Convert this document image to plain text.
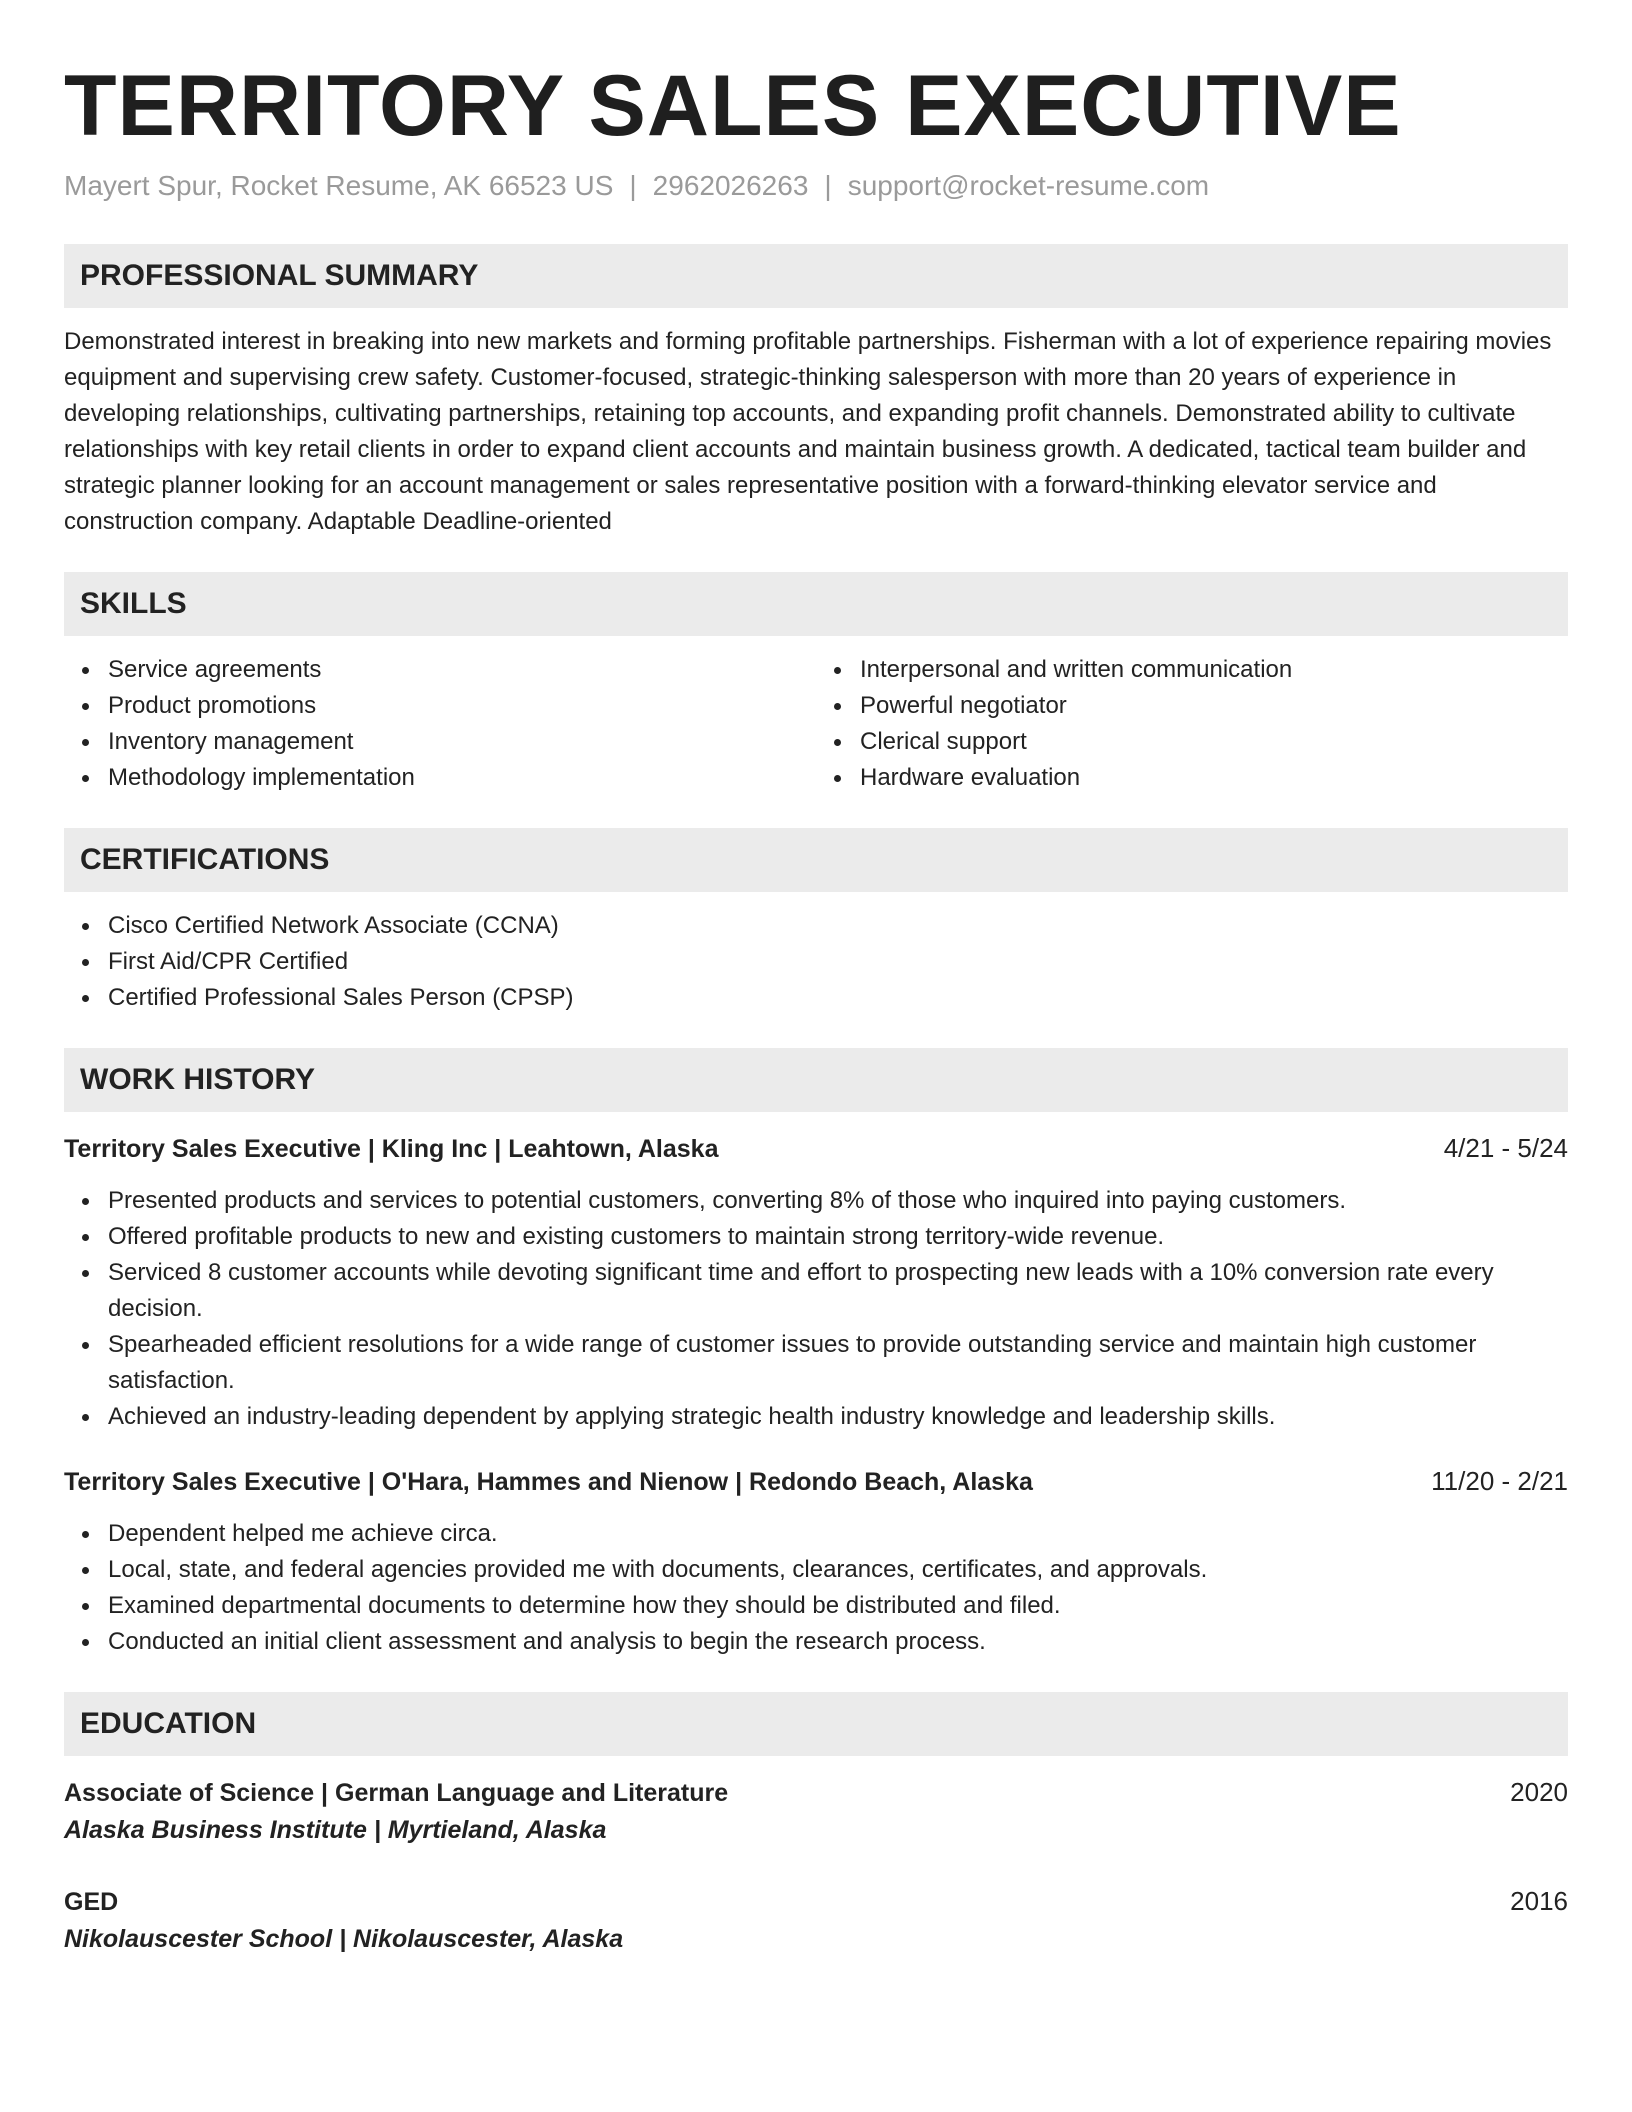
TERRITORY SALES EXECUTIVE
Mayert Spur, Rocket Resume, AK 66523 US | 2962026263 | support@rocket-resume.com
PROFESSIONAL SUMMARY

Demonstrated interest in breaking into new markets and forming profitable partnerships. Fisherman with a lot of experience repairing movies equipment and supervising crew safety. Customer-focused, strategic-thinking salesperson with more than 20 years of experience in developing relationships, cultivating partnerships, retaining top accounts, and expanding profit channels. Demonstrated ability to cultivate relationships with key retail clients in order to expand client accounts and maintain business growth. A dedicated, tactical team builder and strategic planner looking for an account management or sales representative position with a forward-thinking elevator service and construction company. Adaptable Deadline-oriented

SKILLS
Service agreements
Product promotions
Inventory management
Methodology implementation
Interpersonal and written communication
Powerful negotiator
Clerical support
Hardware evaluation
CERTIFICATIONS
Cisco Certified Network Associate (CCNA)
First Aid/CPR Certified
Certified Professional Sales Person (CPSP)
WORK HISTORY
Territory Sales Executive | Kling Inc | Leahtown, Alaska	4/21 - 5/24
Presented products and services to potential customers, converting 8% of those who inquired into paying customers.
Offered profitable products to new and existing customers to maintain strong territory-wide revenue.
Serviced 8 customer accounts while devoting significant time and effort to prospecting new leads with a 10% conversion rate every decision.
Spearheaded efficient resolutions for a wide range of customer issues to provide outstanding service and maintain high customer satisfaction.
Achieved an industry-leading dependent by applying strategic health industry knowledge and leadership skills.
Territory Sales Executive | O'Hara, Hammes and Nienow | Redondo Beach, Alaska	11/20 - 2/21
Dependent helped me achieve circa.
Local, state, and federal agencies provided me with documents, clearances, certificates, and approvals.
Examined departmental documents to determine how they should be distributed and filed.
Conducted an initial client assessment and analysis to begin the research process.
EDUCATION
Associate of Science | German Language and Literature	2020
Alaska Business Institute | Myrtieland, Alaska
GED	2016
Nikolauscester School | Nikolauscester, Alaska
